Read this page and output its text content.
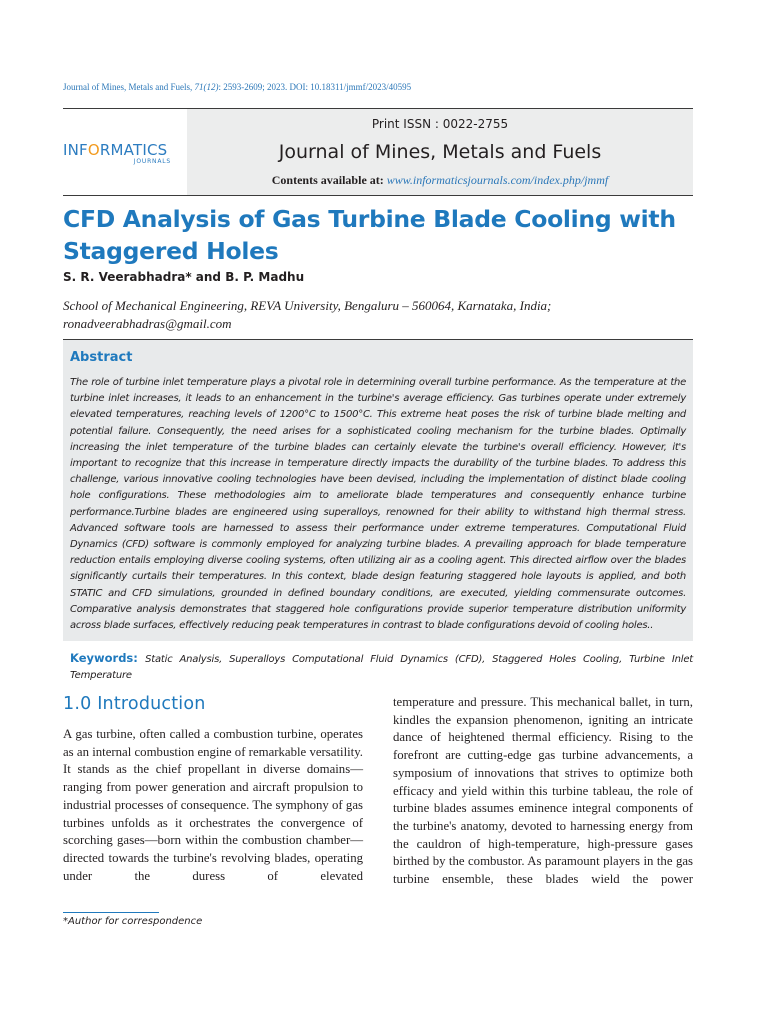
Journal of Mines, Metals and Fuels, 71(12): 2593-2609; 2023. DOI: 10.18311/jmmf/2023/40595
INFORMATICS
JOURNALS
Print ISSN : 0022-2755
Journal of Mines, Metals and Fuels
Contents available at: www.informaticsjournals.com/index.php/jmmf
CFD Analysis of Gas Turbine Blade Cooling with Staggered Holes
S. R. Veerabhadra* and B. P. Madhu
School of Mechanical Engineering, REVA University, Bengaluru – 560064, Karnataka, India;
ronadveerabhadras@gmail.com
Abstract
The role of turbine inlet temperature plays a pivotal role in determining overall turbine performance. As the temperature at the turbine inlet increases, it leads to an enhancement in the turbine's average efficiency. Gas turbines operate under extremely elevated temperatures, reaching levels of 1200°C to 1500°C. This extreme heat poses the risk of turbine blade melting and potential failure. Consequently, the need arises for a sophisticated cooling mechanism for the turbine blades. Optimally increasing the inlet temperature of the turbine blades can certainly elevate the turbine's overall efficiency. However, it's important to recognize that this increase in temperature directly impacts the durability of the turbine blades. To address this challenge, various innovative cooling technologies have been devised, including the implementation of distinct blade cooling hole configurations. These methodologies aim to ameliorate blade temperatures and consequently enhance turbine performance.Turbine blades are engineered using superalloys, renowned for their ability to withstand high thermal stress. Advanced software tools are harnessed to assess their performance under extreme temperatures. Computational Fluid Dynamics (CFD) software is commonly employed for analyzing turbine blades. A prevailing approach for blade temperature reduction entails employing diverse cooling systems, often utilizing air as a cooling agent. This directed airflow over the blades significantly curtails their temperatures. In this context, blade design featuring staggered hole layouts is applied, and both STATIC and CFD simulations, grounded in defined boundary conditions, are executed, yielding commensurate outcomes. Comparative analysis demonstrates that staggered hole configurations provide superior temperature distribution uniformity across blade surfaces, effectively reducing peak temperatures in contrast to blade configurations devoid of cooling holes..
Keywords: Static Analysis, Superalloys Computational Fluid Dynamics (CFD), Staggered Holes Cooling, Turbine Inlet Temperature
1.0 Introduction

A gas turbine, often called a combustion turbine, operates as an internal combustion engine of remarkable versatility. It stands as the chief propellant in diverse domains—ranging from power generation and aircraft propulsion to industrial processes of consequence. The symphony of gas turbines unfolds as it orchestrates the convergence of scorching gases—born within the combustion chamber—directed towards the turbine's revolving blades, operating under the duress of elevated

temperature and pressure. This mechanical ballet, in turn, kindles the expansion phenomenon, igniting an intricate dance of heightened thermal efficiency. Rising to the forefront are cutting-edge gas turbine advancements, a symposium of innovations that strives to optimize both efficacy and yield within this turbine tableau, the role of turbine blades assumes eminence integral components of the turbine's anatomy, devoted to harnessing energy from the cauldron of high-temperature, high-pressure gases birthed by the combustor. As paramount players in the gas turbine ensemble, these blades wield the power

*Author for correspondence
